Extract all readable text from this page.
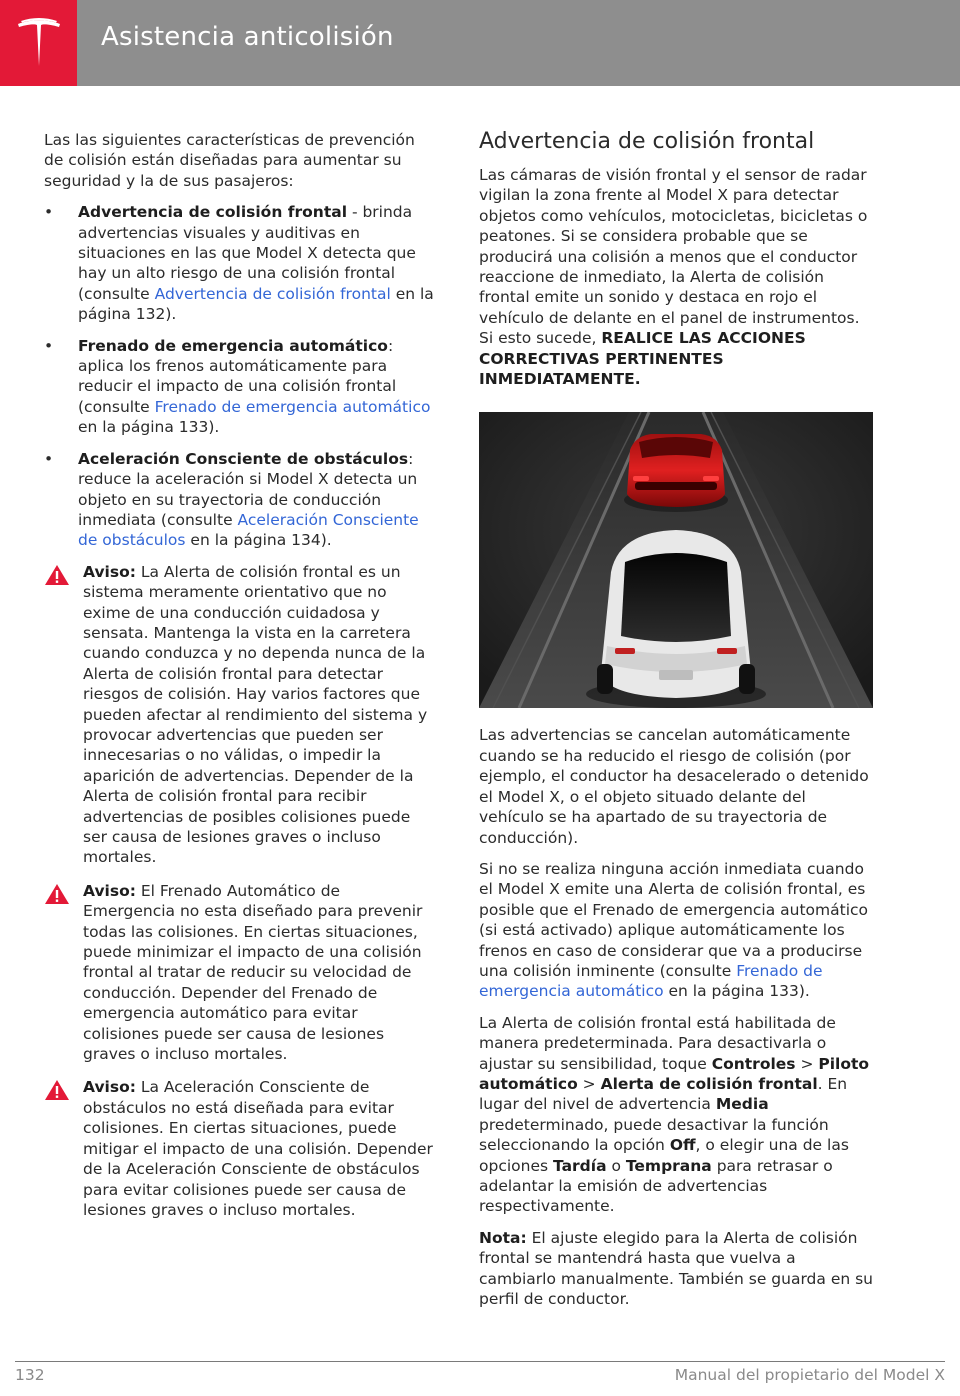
Asistencia anticolisión

Las las siguientes características de prevención de colisión están diseñadas para aumentar su seguridad y la de sus pasajeros:

• Advertencia de colisión frontal - brinda advertencias visuales y auditivas en situaciones en las que Model X detecta que hay un alto riesgo de una colisión frontal (consulte Advertencia de colisión frontal en la página 132).
• Frenado de emergencia automático: aplica los frenos automáticamente para reducir el impacto de una colisión frontal (consulte Frenado de emergencia automático en la página 133).
• Aceleración Consciente de obstáculos: reduce la aceleración si Model X detecta un objeto en su trayectoria de conducción inmediata (consulte Aceleración Consciente de obstáculos en la página 134).
Aviso: La Alerta de colisión frontal es un sistema meramente orientativo que no exime de una conducción cuidadosa y sensata. Mantenga la vista en la carretera cuando conduzca y no dependa nunca de la Alerta de colisión frontal para detectar riesgos de colisión. Hay varios factores que pueden afectar al rendimiento del sistema y provocar advertencias que pueden ser innecesarias o no válidas, o impedir la aparición de advertencias. Depender de la Alerta de colisión frontal para recibir advertencias de posibles colisiones puede ser causa de lesiones graves o incluso mortales.
Aviso: El Frenado Automático de Emergencia no esta diseñado para prevenir todas las colisiones. En ciertas situaciones, puede minimizar el impacto de una colisión frontal al tratar de reducir su velocidad de conducción. Depender del Frenado de emergencia automático para evitar colisiones puede ser causa de lesiones graves o incluso mortales.
Aviso: La Aceleración Consciente de obstáculos no está diseñada para evitar colisiones. En ciertas situaciones, puede mitigar el impacto de una colisión. Depender de la Aceleración Consciente de obstáculos para evitar colisiones puede ser causa de lesiones graves o incluso mortales.
Advertencia de colisión frontal

Las cámaras de visión frontal y el sensor de radar vigilan la zona frente al Model X para detectar objetos como vehículos, motocicletas, bicicletas o peatones. Si se considera probable que se producirá una colisión a menos que el conductor reaccione de inmediato, la Alerta de colisión frontal emite un sonido y destaca en rojo el vehículo de delante en el panel de instrumentos. Si esto sucede, REALICE LAS ACCIONES CORRECTIVAS PERTINENTES INMEDIATAMENTE.

Las advertencias se cancelan automáticamente cuando se ha reducido el riesgo de colisión (por ejemplo, el conductor ha desacelerado o detenido el Model X, o el objeto situado delante del vehículo se ha apartado de su trayectoria de conducción).

Si no se realiza ninguna acción inmediata cuando el Model X emite una Alerta de colisión frontal, es posible que el Frenado de emergencia automático (si está activado) aplique automáticamente los frenos en caso de considerar que va a producirse una colisión inminente (consulte Frenado de emergencia automático en la página 133).

La Alerta de colisión frontal está habilitada de manera predeterminada. Para desactivarla o ajustar su sensibilidad, toque Controles > Piloto automático > Alerta de colisión frontal. En lugar del nivel de advertencia Media predeterminado, puede desactivar la función seleccionando la opción Off, o elegir una de las opciones Tardía o Temprana para retrasar o adelantar la emisión de advertencias respectivamente.

Nota: El ajuste elegido para la Alerta de colisión frontal se mantendrá hasta que vuelva a cambiarlo manualmente. También se guarda en su perfil de conductor.

132	Manual del propietario del Model X
